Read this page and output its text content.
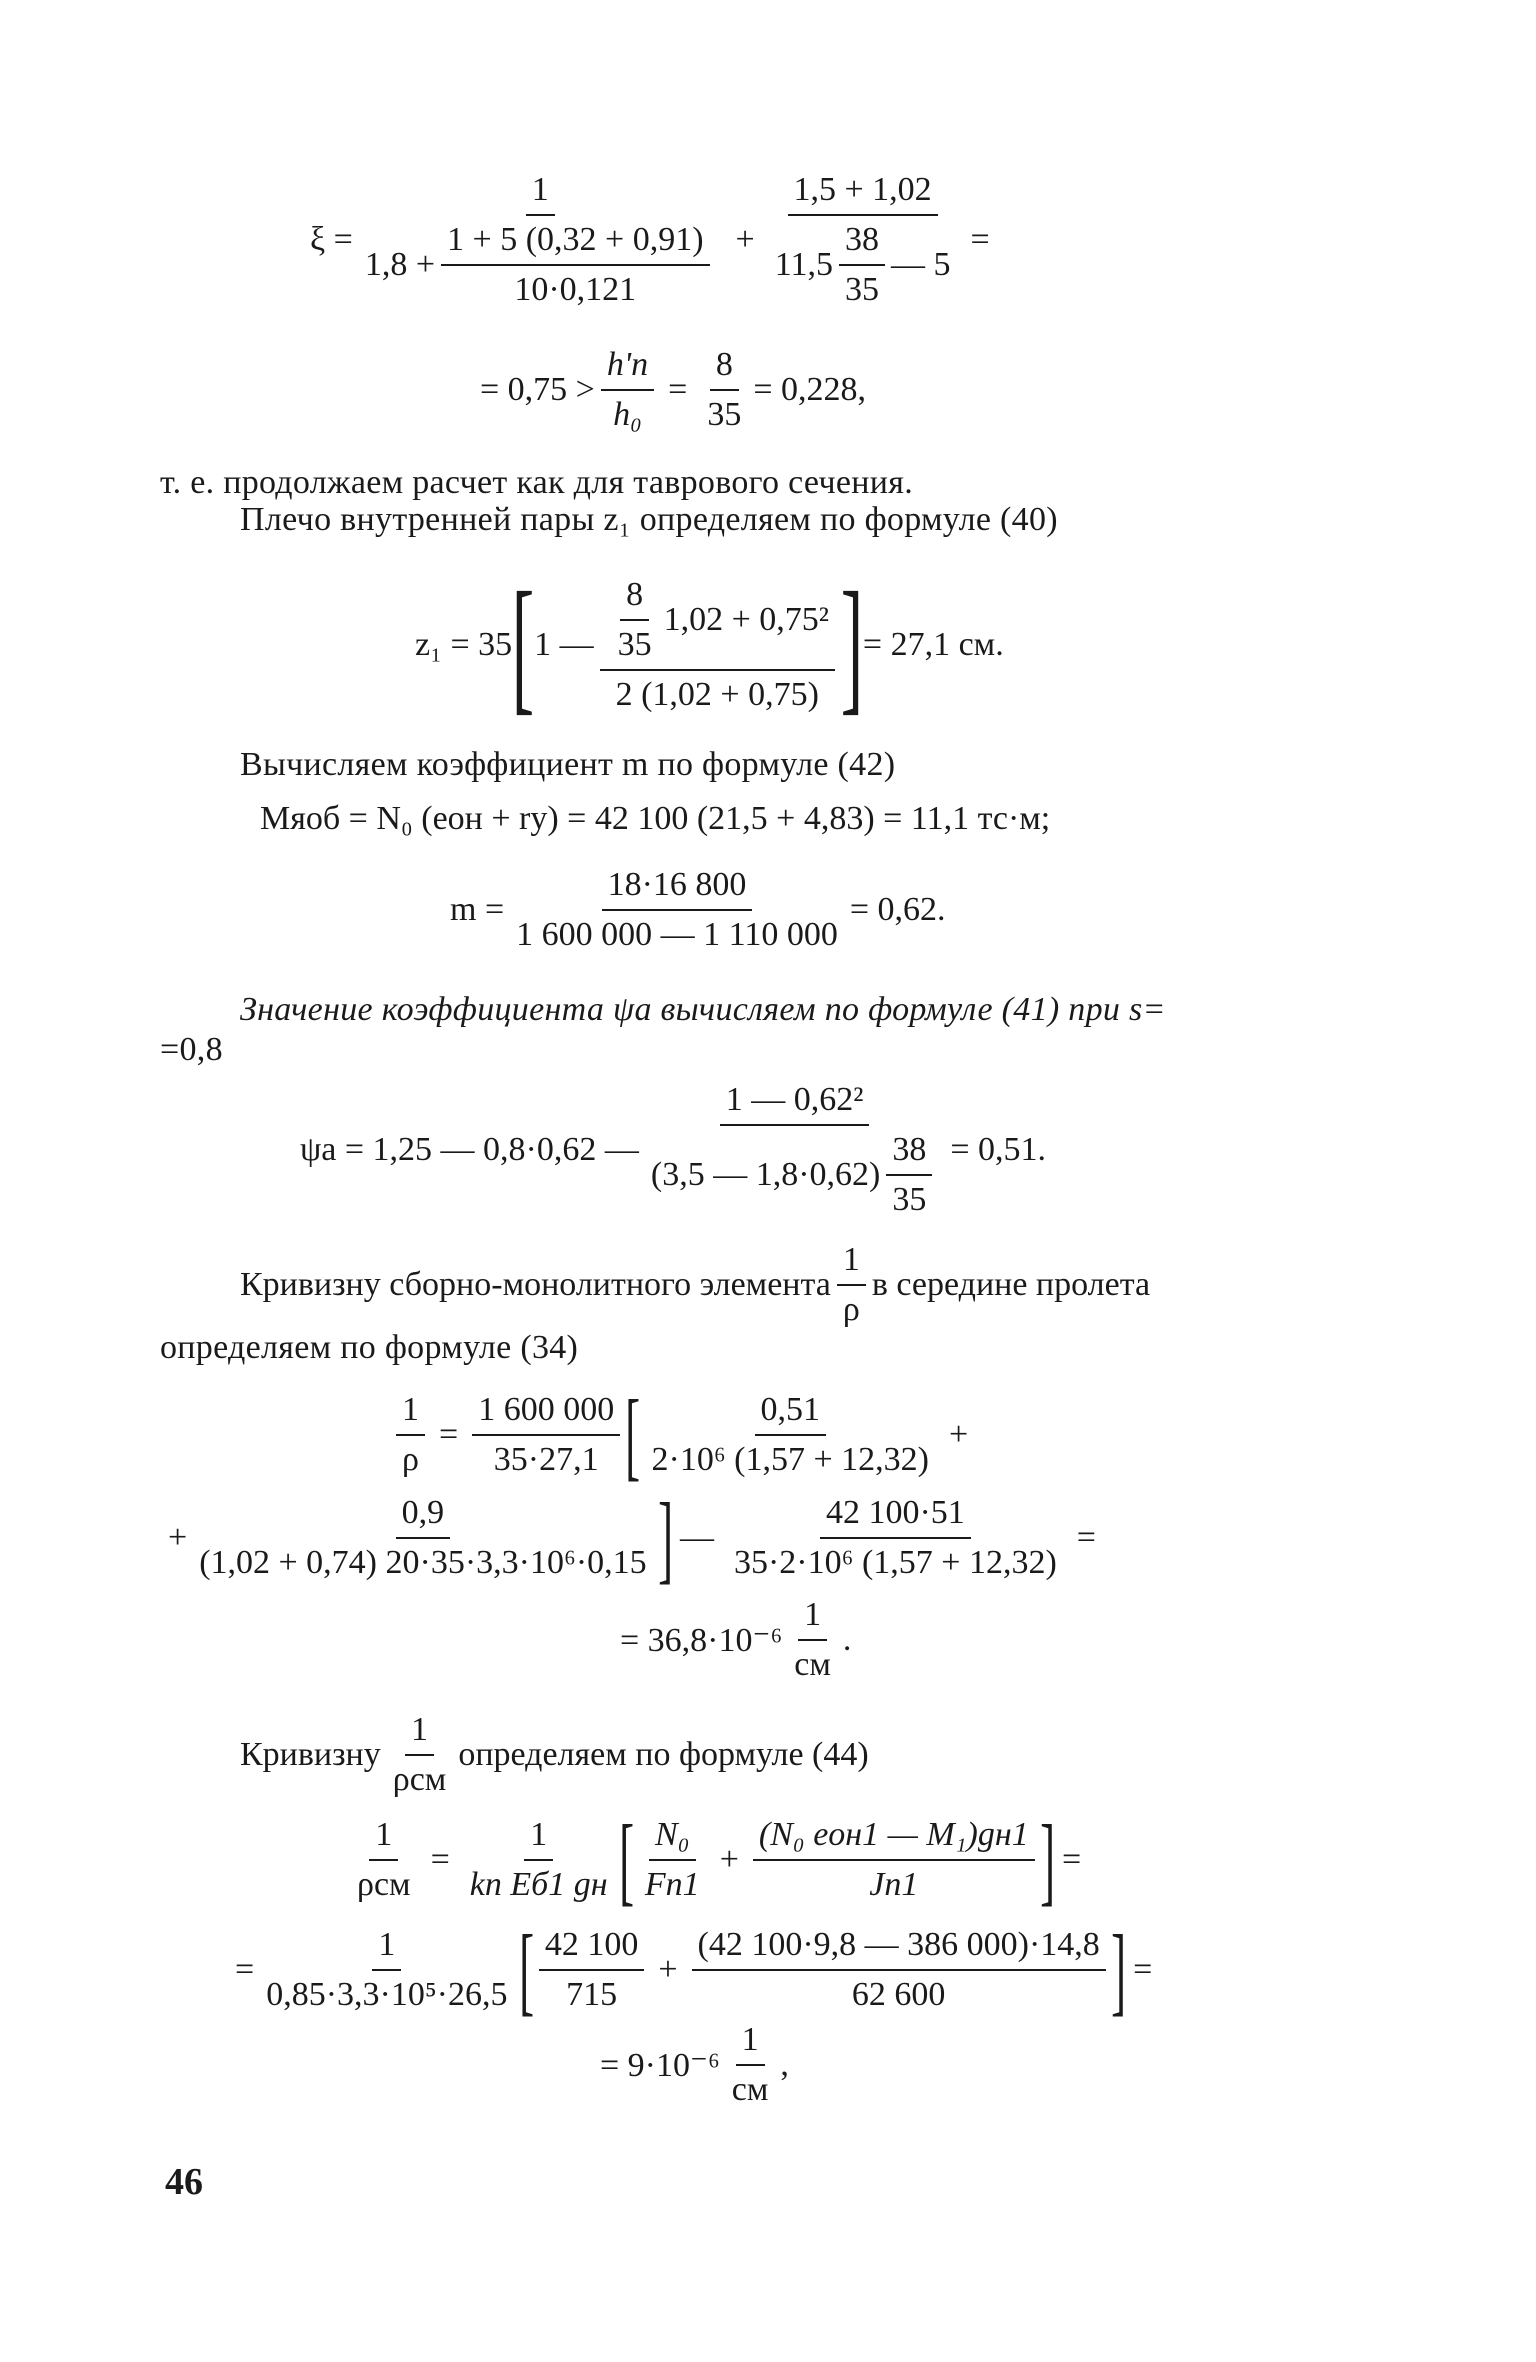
$\xi = \frac{1}{1,8 + \frac{1 + 5 (0,32 + 0,91)}{10\cdot 0,121}} + \frac{1,5 + 1,02}{11,5 \frac{38}{35} — 5}$ =
= $0,75 > \frac{h'п}{\text{h₀}} = \frac{8}{35} = 0,228$,
т. е. продолжаем расчет как для таврового сечения.
Плечо внутренней пары z₁ определяем по формуле (40)
z₁ = 35 [ 1 — $\frac{\frac{8}{35} 1,02 + 0,75^2}{2 (1,02 + 0,75)}$ ] = 27,1 см.
Вычисляем коэффициент m по формуле (42)
Mяоб = N₀ (eон + rу) = 42 100 (21,5 + 4,83) = 11,1 тс·м;
$m = \frac{18\cdot 16 800}{1 600 000 — 1 110 000} = 0,62$.
Значение коэффициента ψа вычисляем по формуле (41) при s=
=0,8
ψа = 1,25 — 0,8·0,62 — $\frac{\text{1 — 0,62²}}{(3,5 — 1,8\cdot 0,62) \frac{38}{35}} = 0,51$.
Кривизну сборно-монолитного элемента $\frac{1}{\rho}$ в середине пролета
определяем по формуле (34)
$\frac{1}{\rho} = \frac{1 600 000}{35\cdot 27,1}$ [ $\frac{0,51}{\text{2·10⁶ (1,57 + 12,32)}}$ +
+ $\frac{0,9}{\text{(1,02 + 0,74) 20·35·3,3·10⁶·0,15}}$ ] — $\frac{42 100\cdot 51}{\text{35·2·10⁶ (1,57 + 12,32)}}$ =
= $36,8\cdot 10^{-6} \frac{1}{см}$ .
Кривизну $\frac{1}{\text{ρсм}}$ определяем по формуле (44)
$\frac{1}{\text{ρсм}} = \frac{1}{\text{kп Eб1 gн}}$ [ $\frac{\text{N₀}}{Fп1} + \frac{\text{(N₀ eон1 — M₁)gн1}}{Jп1}$ ] =
= $\frac{1}{\text{0,85·3,3·10⁵·26,5}}$ [ $\frac{42 100}{715} + \frac{(42 100\cdot 9,8 — 386 000)\cdot 14,8}{62 600}$ ] =
= $9\cdot 10^{-6} \frac{1}{см}$ ,
46
